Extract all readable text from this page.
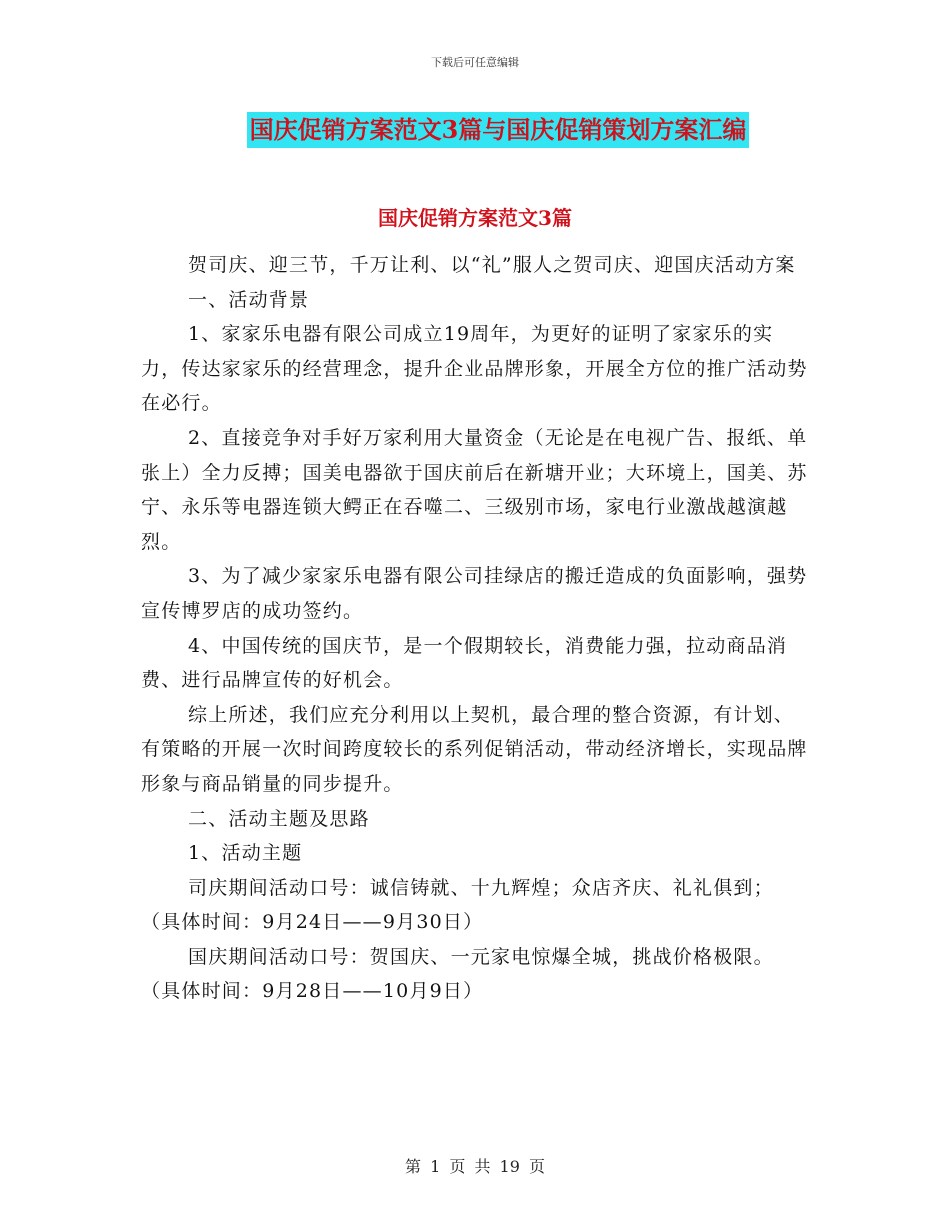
下载后可任意编辑
国庆促销方案范文3篇与国庆促销策划方案汇编
国庆促销方案范文3篇

贺司庆、迎三节，千万让利、以“礼”服人之贺司庆、迎国庆活动方案

一、活动背景

1、家家乐电器有限公司成立19周年，为更好的证明了家家乐的实力，传达家家乐的经营理念，提升企业品牌形象，开展全方位的推广活动势在必行。

2、直接竞争对手好万家利用大量资金（无论是在电视广告、报纸、单张上）全力反搏；国美电器欲于国庆前后在新塘开业；大环境上，国美、苏宁、永乐等电器连锁大鳄正在吞噬二、三级别市场，家电行业激战越演越烈。

3、为了减少家家乐电器有限公司挂绿店的搬迁造成的负面影响，强势宣传博罗店的成功签约。

4、中国传统的国庆节，是一个假期较长，消费能力强，拉动商品消费、进行品牌宣传的好机会。

综上所述，我们应充分利用以上契机，最合理的整合资源，有计划、有策略的开展一次时间跨度较长的系列促销活动，带动经济增长，实现品牌形象与商品销量的同步提升。

二、活动主题及思路

1、活动主题

司庆期间活动口号：诚信铸就、十九辉煌；众店齐庆、礼礼俱到；

（具体时间：9月24日——9月30日）

国庆期间活动口号：贺国庆、一元家电惊爆全城，挑战价格极限。

（具体时间：9月28日——10月9日）

第 1 页 共 19 页
